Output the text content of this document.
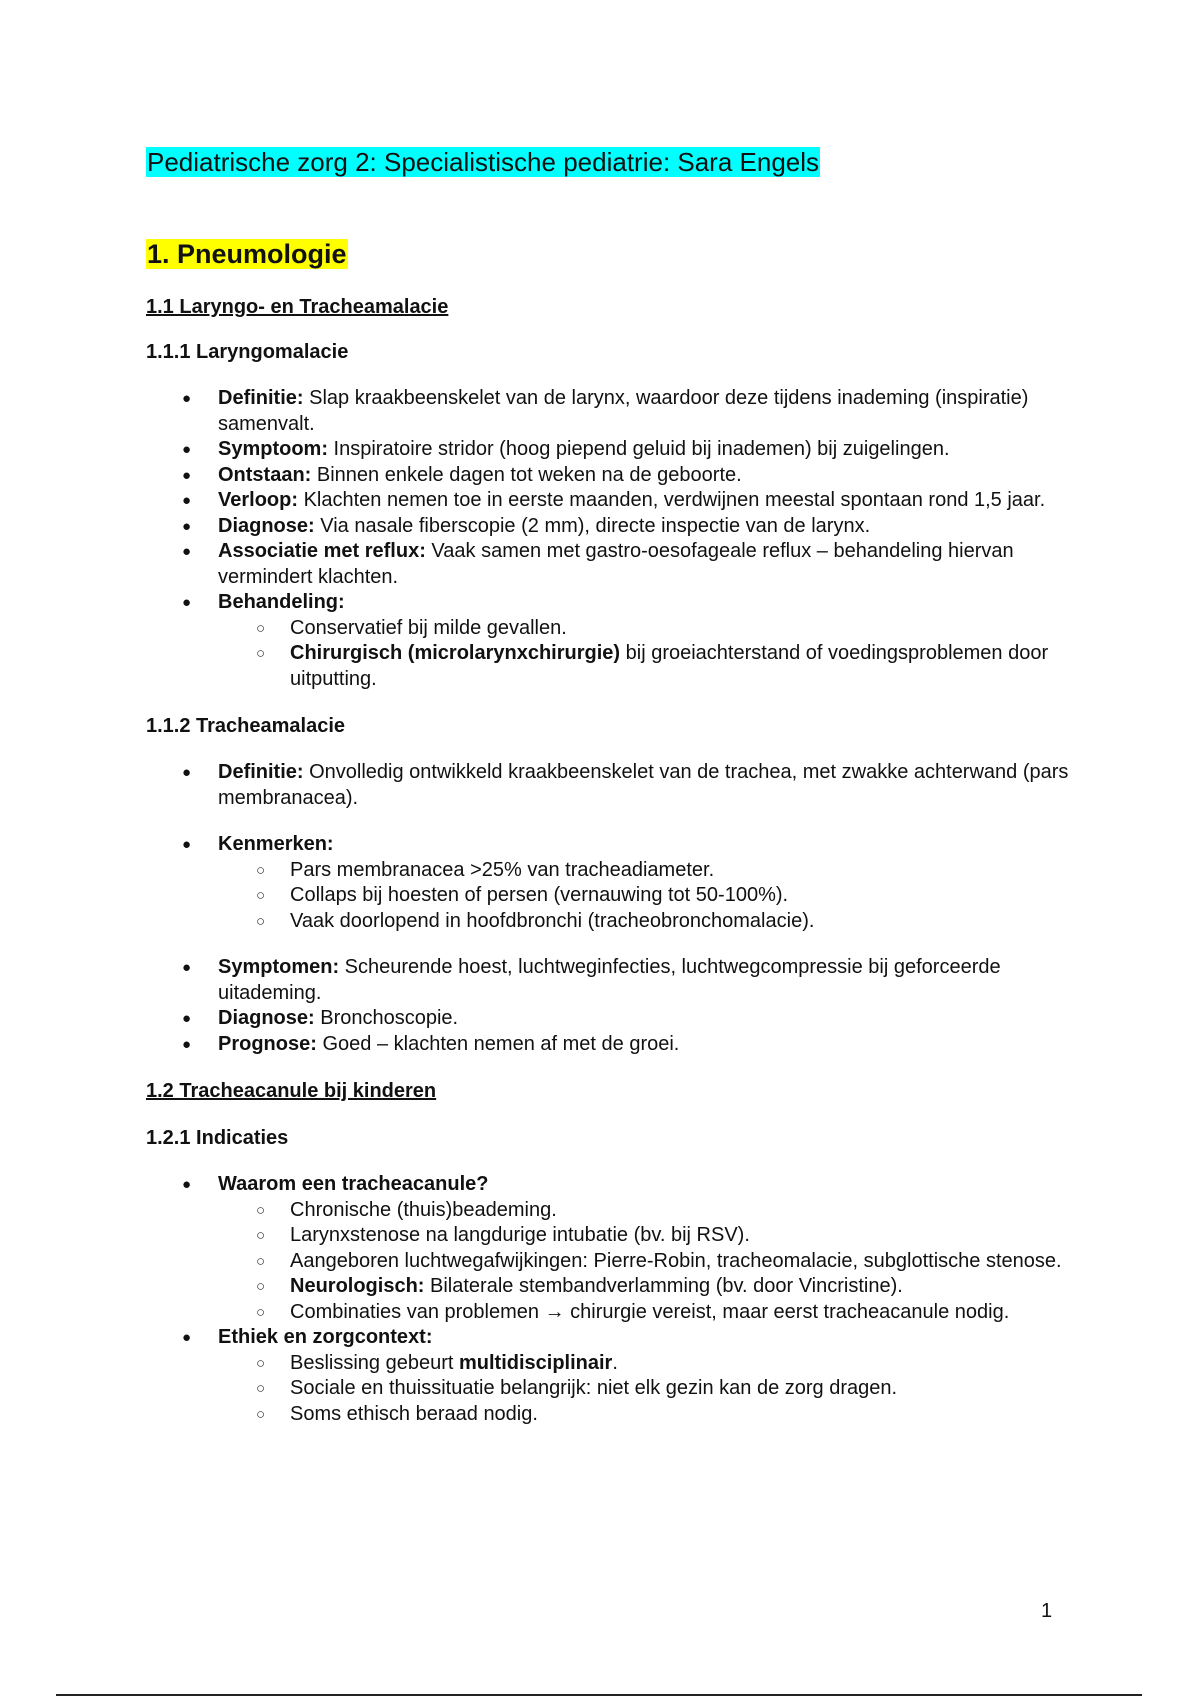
Pediatrische zorg 2: Specialistische pediatrie: Sara Engels

1. Pneumologie

1.1 Laryngo- en Tracheamalacie

1.1.1 Laryngomalacie

● Definitie: Slap kraakbeenskelet van de larynx, waardoor deze tijdens inademing (inspiratie) samenvalt.
● Symptoom: Inspiratoire stridor (hoog piepend geluid bij inademen) bij zuigelingen.
● Ontstaan: Binnen enkele dagen tot weken na de geboorte.
● Verloop: Klachten nemen toe in eerste maanden, verdwijnen meestal spontaan rond 1,5 jaar.
● Diagnose: Via nasale fiberscopie (2 mm), directe inspectie van de larynx.
● Associatie met reflux: Vaak samen met gastro-oesofageale reflux – behandeling hiervan vermindert klachten.
● Behandeling:
○ Conservatief bij milde gevallen.
○ Chirurgisch (microlarynxchirurgie) bij groeiachterstand of voedingsproblemen door uitputting.

1.1.2 Tracheamalacie

● Definitie: Onvolledig ontwikkeld kraakbeenskelet van de trachea, met zwakke achterwand (pars membranacea).
● Kenmerken:
○ Pars membranacea >25% van tracheadiameter.
○ Collaps bij hoesten of persen (vernauwing tot 50-100%).
○ Vaak doorlopend in hoofdbronchi (tracheobronchomalacie).
● Symptomen: Scheurende hoest, luchtweginfecties, luchtwegcompressie bij geforceerde uitademing.
● Diagnose: Bronchoscopie.
● Prognose: Goed – klachten nemen af met de groei.

1.2 Tracheacanule bij kinderen

1.2.1 Indicaties

● Waarom een tracheacanule?
○ Chronische (thuis)beademing.
○ Larynxstenose na langdurige intubatie (bv. bij RSV).
○ Aangeboren luchtwegafwijkingen: Pierre-Robin, tracheomalacie, subglottische stenose.
○ Neurologisch: Bilaterale stembandverlamming (bv. door Vincristine).
○ Combinaties van problemen → chirurgie vereist, maar eerst tracheacanule nodig.
● Ethiek en zorgcontext:
○ Beslissing gebeurt multidisciplinair.
○ Sociale en thuissituatie belangrijk: niet elk gezin kan de zorg dragen.
○ Soms ethisch beraad nodig.
1
